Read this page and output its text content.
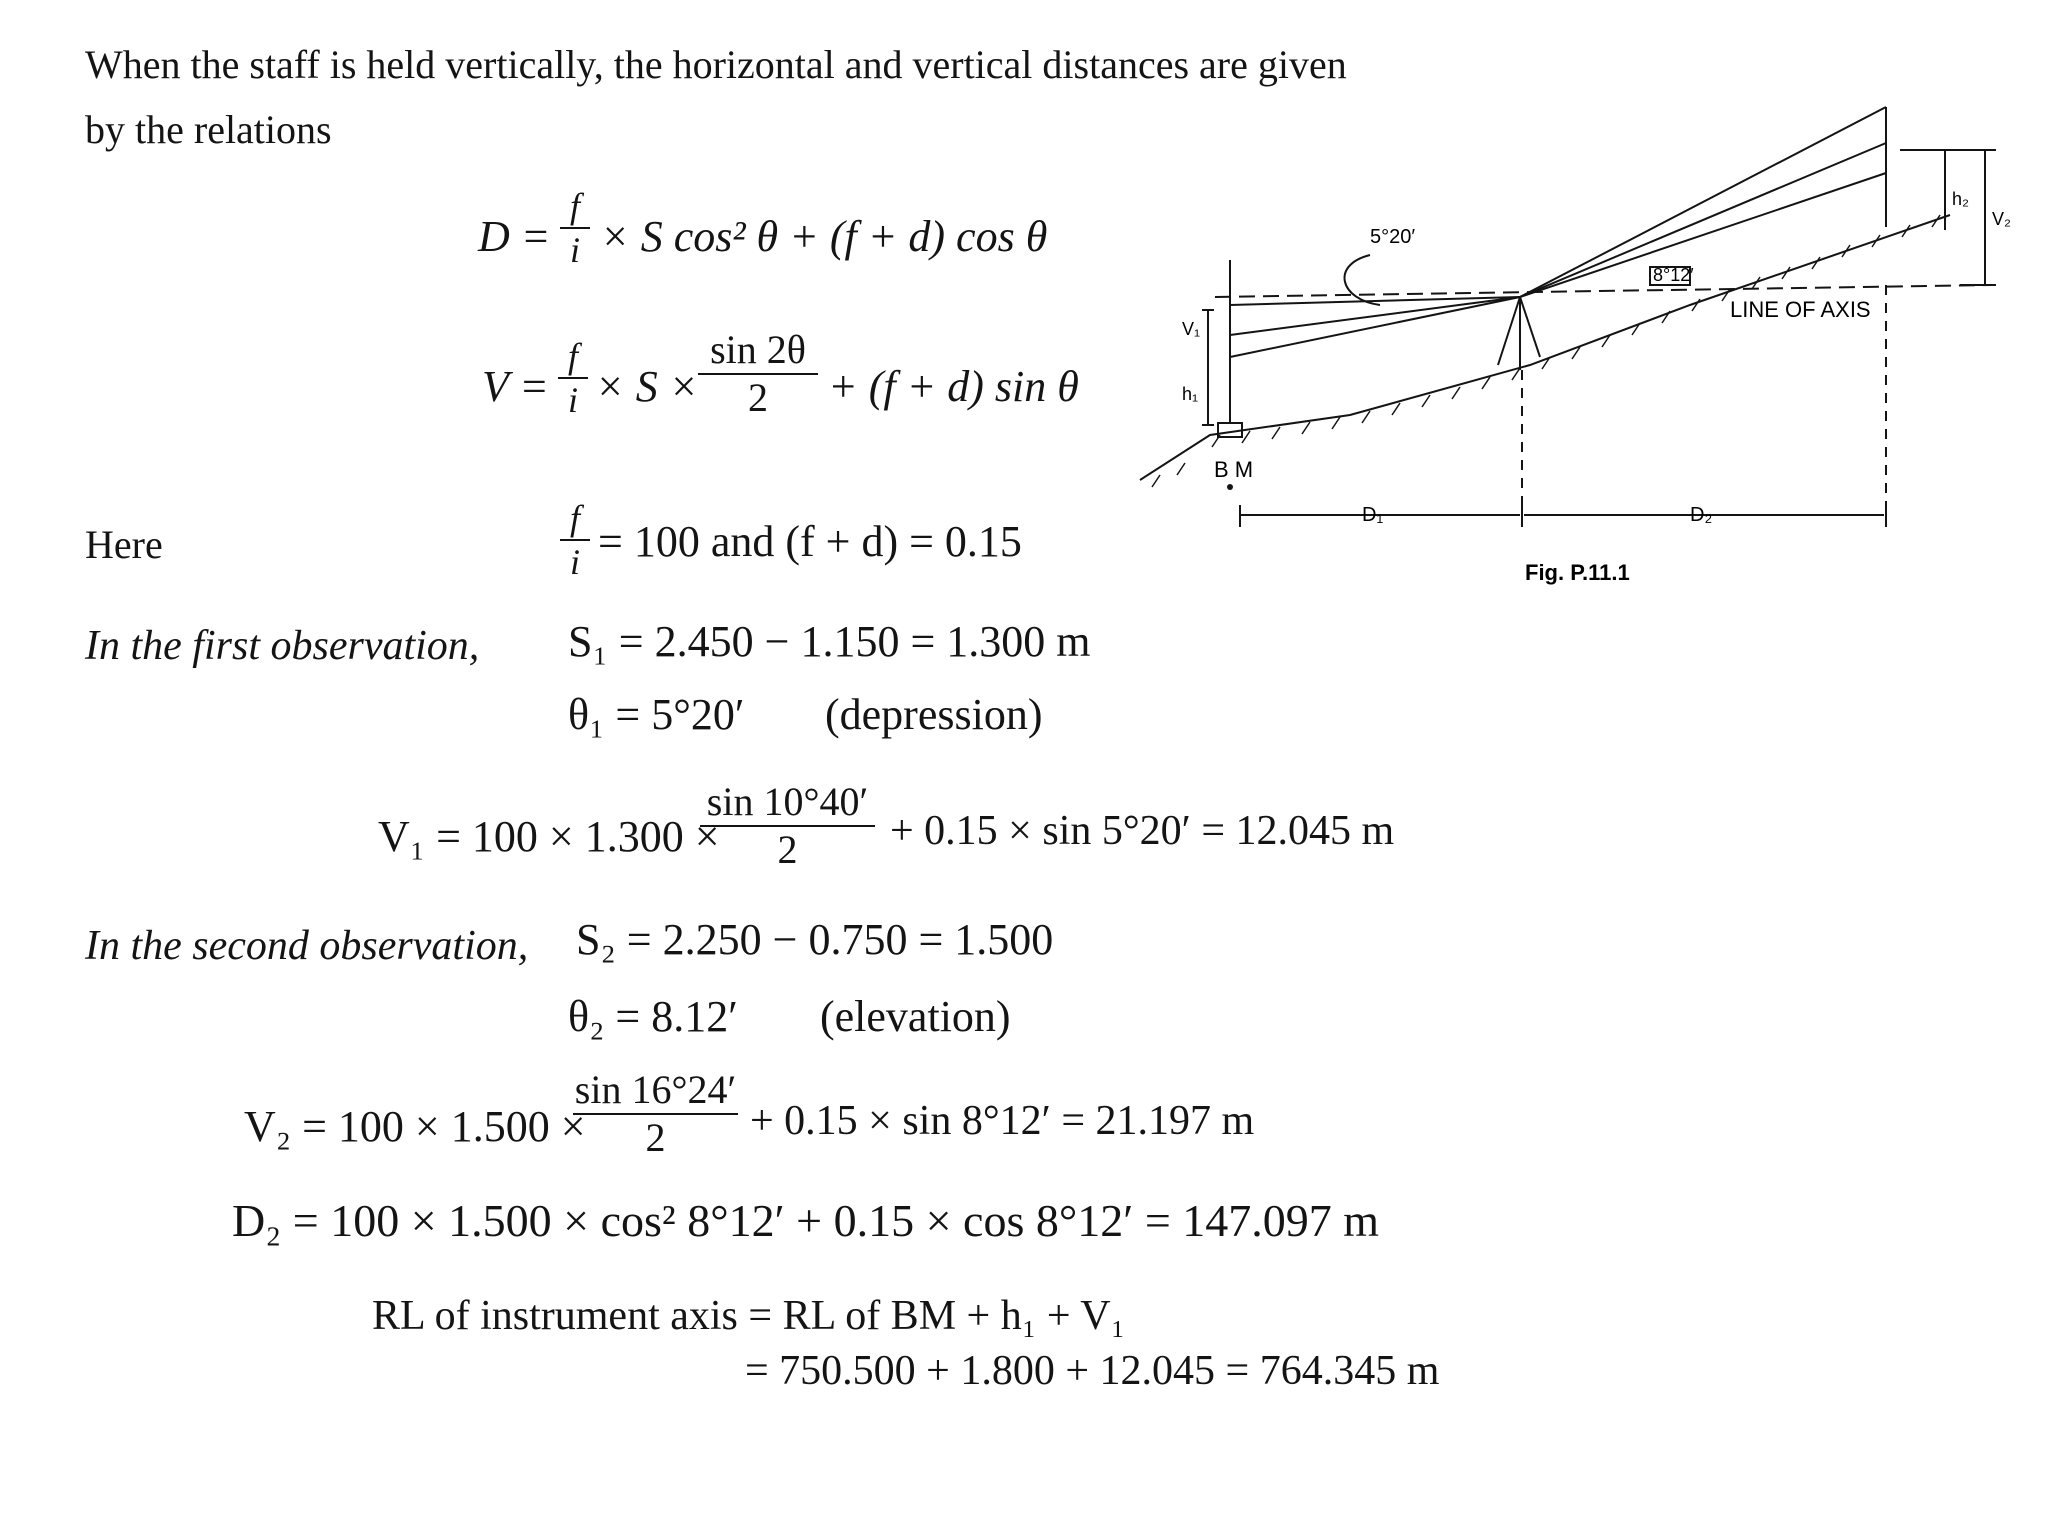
When the staff is held vertically, the horizontal and vertical distances are given
by the relations
D =
f
i × S cos² θ + (f + d) cos θ
V =
f
i × S ×
sin 2θ
2	+ (f + d) sin θ
Here
f
i = 100 and (f + d) = 0.15
In the first observation, S₁ = 2.450 − 1.150 = 1.300 m
θ₁ = 5°20′ (depression)
V₁ = 100 × 1.300 ×
sin 10°40′
2	+ 0.15 × sin 5°20′ = 12.045 m
In the second observation, S₂ = 2.250 − 0.750 = 1.500
θ₂ = 8.12′ (elevation)
V₂ = 100 × 1.500 ×
sin 16°24′
2	+ 0.15 × sin 8°12′ = 21.197 m
D₂ = 100 × 1.500 × cos² 8°12′ + 0.15 × cos 8°12′ = 147.097 m
RL of instrument axis = RL of BM + h₁ + V₁
= 750.500 + 1.800 + 12.045 = 764.345 m
5°20′
8°12′
LINE OF AXIS
V₁
h₁
h₂
V₂
B M
D₁	D₂
Fig. P.11.1
